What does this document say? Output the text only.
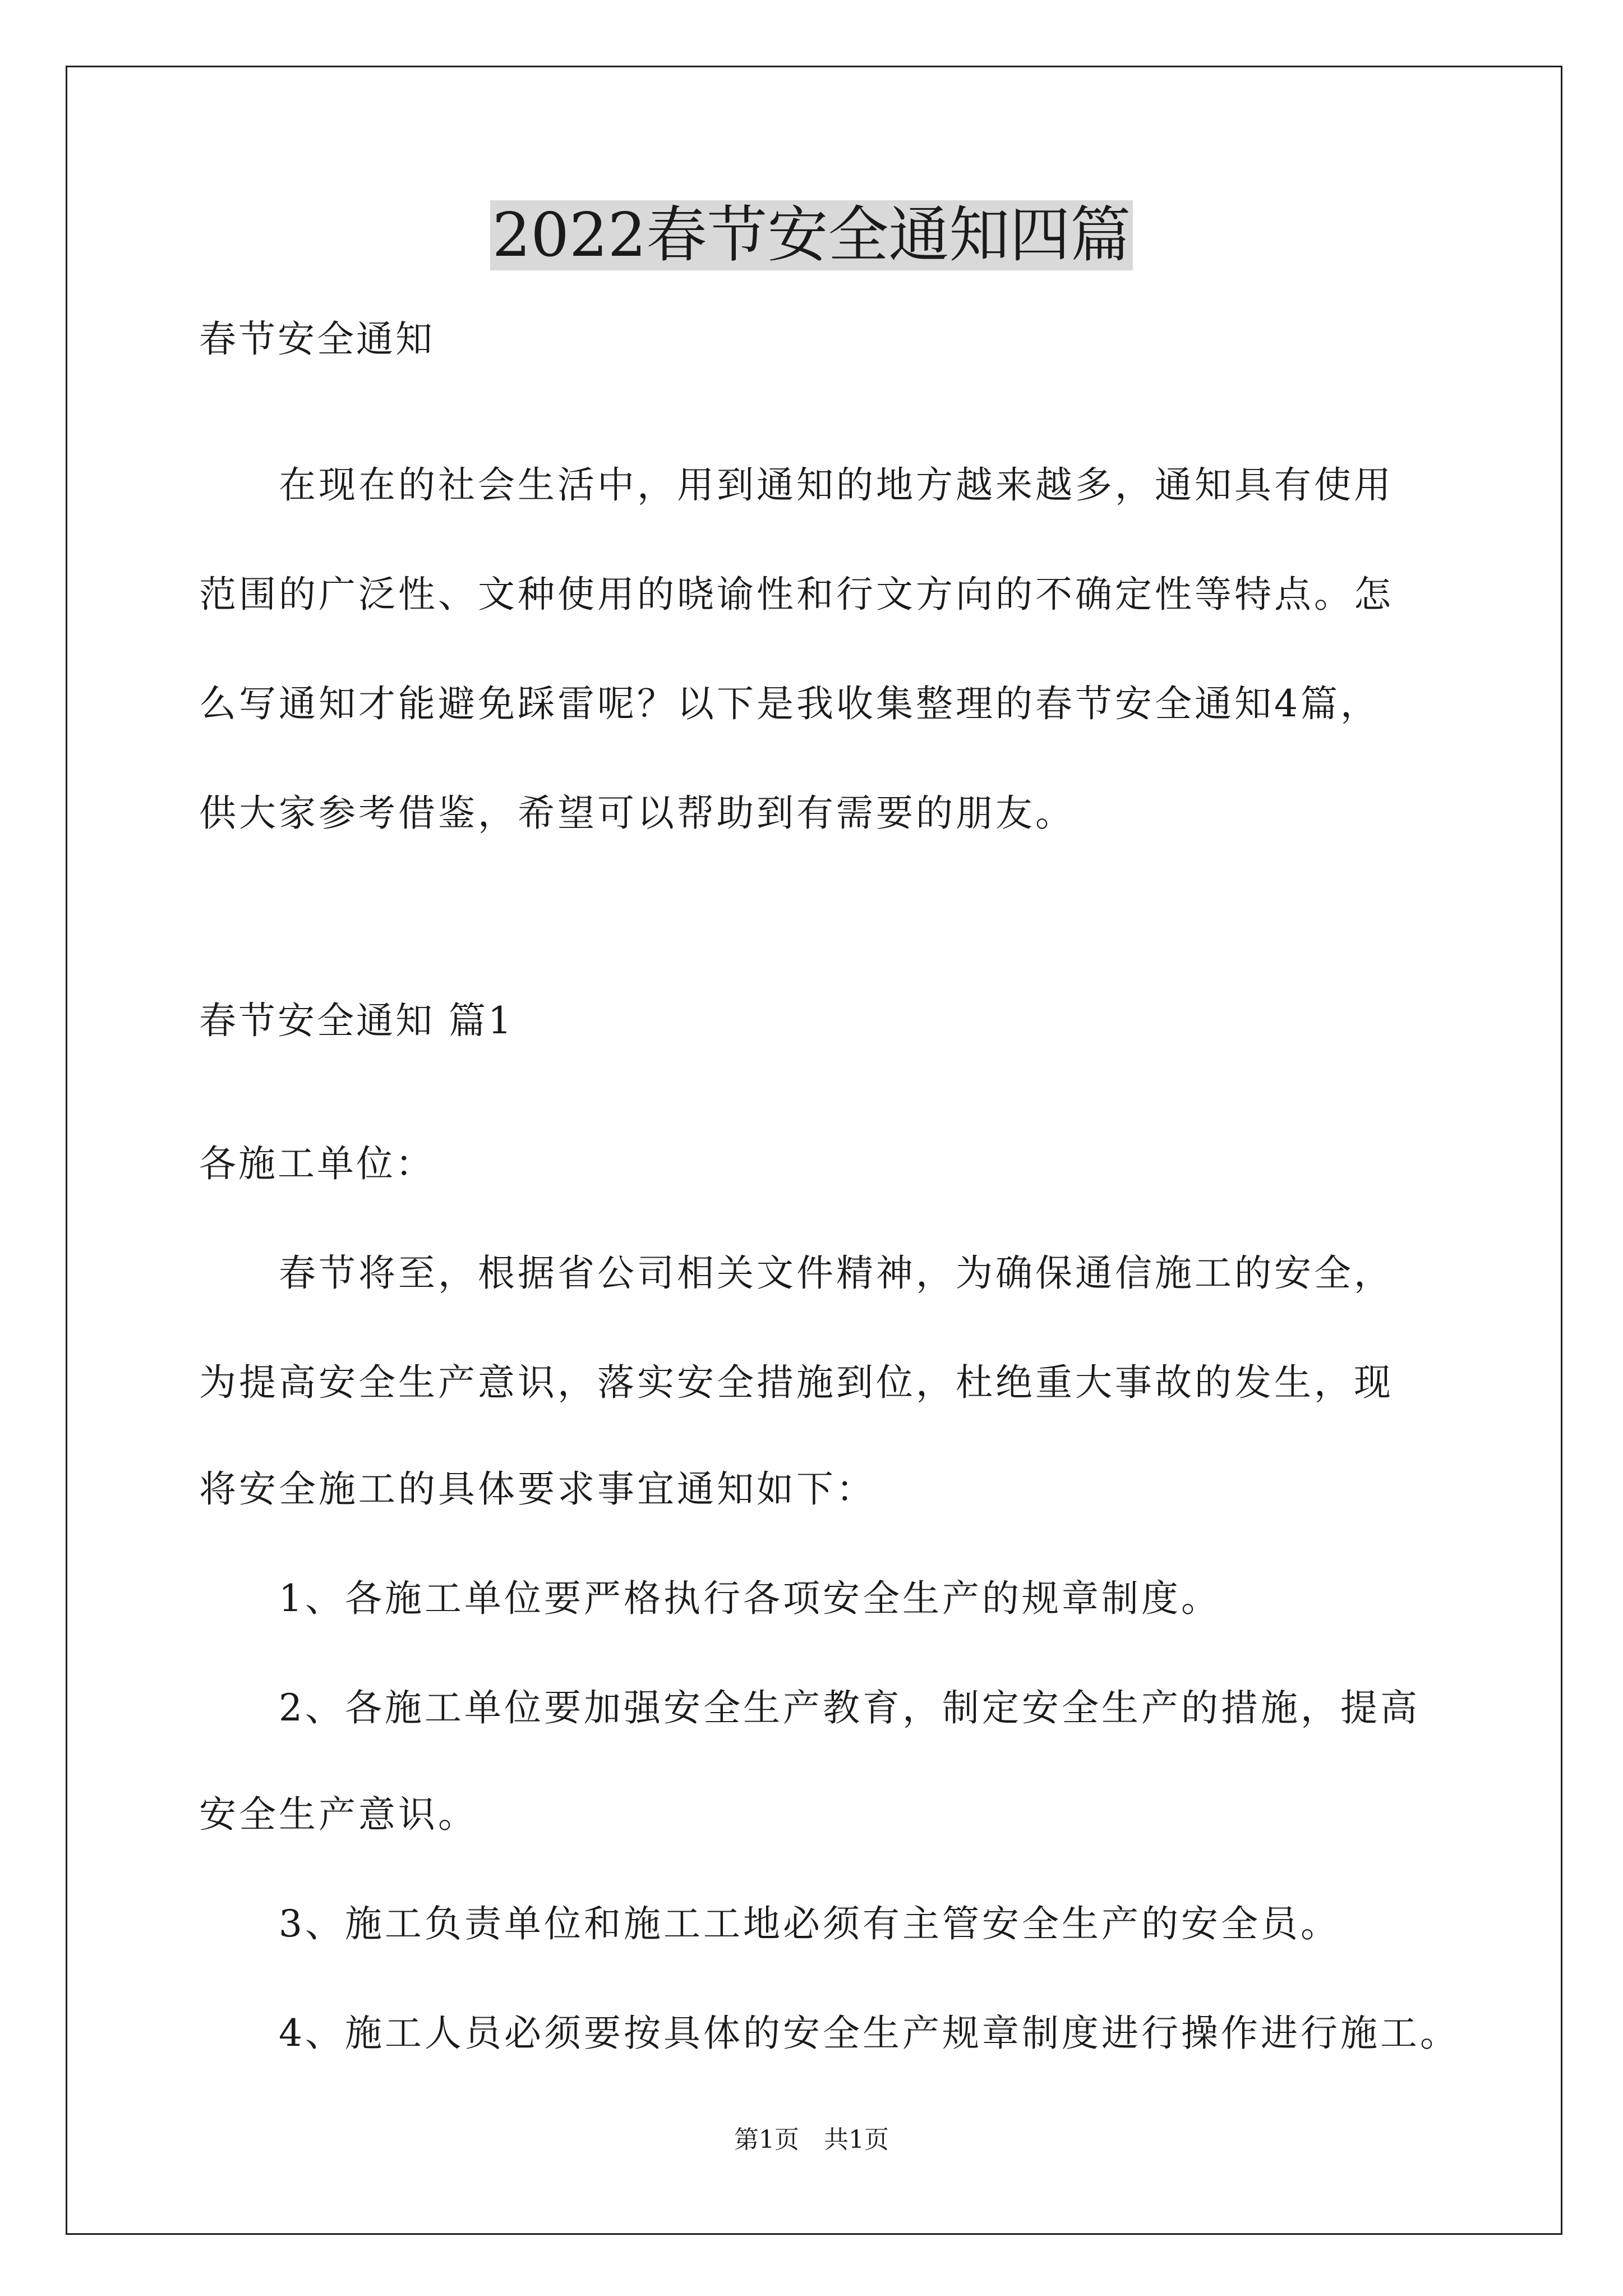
2022春节安全通知四篇
春节安全通知
　　在现在的社会生活中，用到通知的地方越来越多，通知具有使用
范围的广泛性、文种使用的晓谕性和行文方向的不确定性等特点。怎
么写通知才能避免踩雷呢？以下是我收集整理的春节安全通知4篇，
供大家参考借鉴，希望可以帮助到有需要的朋友。
春节安全通知 篇1
各施工单位：
　　春节将至，根据省公司相关文件精神，为确保通信施工的安全，
为提高安全生产意识，落实安全措施到位，杜绝重大事故的发生，现
将安全施工的具体要求事宜通知如下：
　　1、各施工单位要严格执行各项安全生产的规章制度。
　　2、各施工单位要加强安全生产教育，制定安全生产的措施，提高
安全生产意识。
　　3、施工负责单位和施工工地必须有主管安全生产的安全员。
　　4、施工人员必须要按具体的安全生产规章制度进行操作进行施工。
第1页　共1页
